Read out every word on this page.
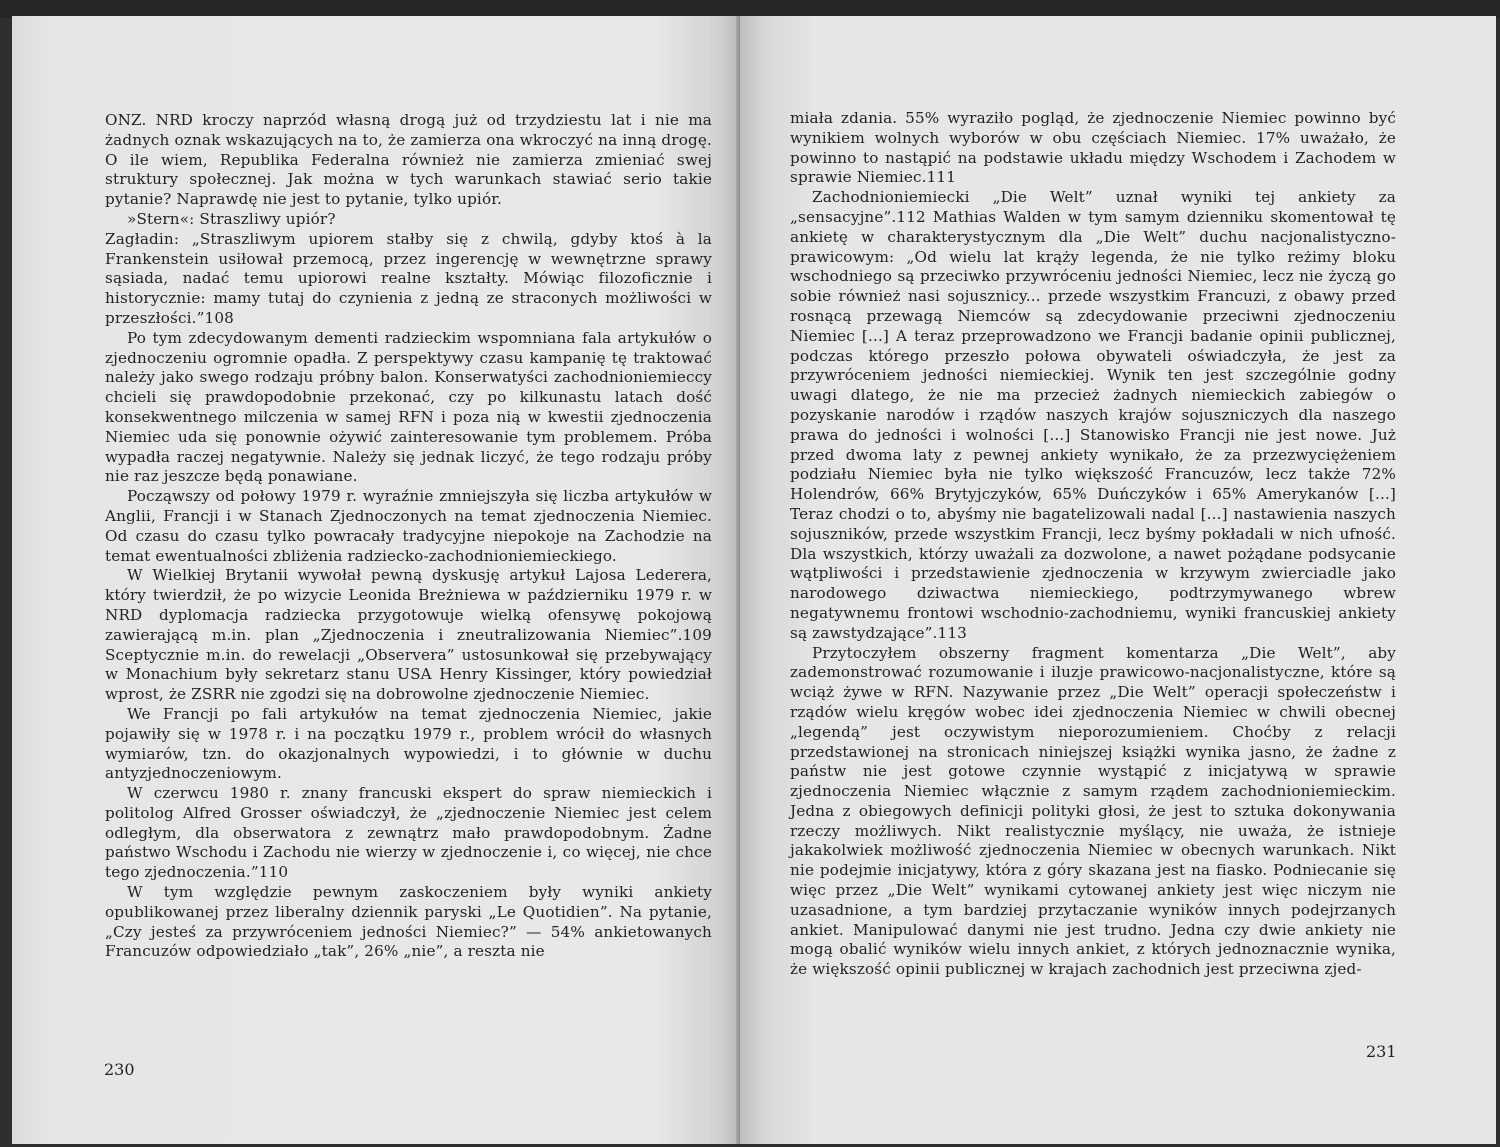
ONZ. NRD kroczy naprzód własną drogą już od trzydziestu lat i nie ma żadnych oznak wskazujących na to, że zamierza ona wkroczyć na inną drogę. O ile wiem, Republika Federalna również nie zamierza zmieniać swej struktury społecznej. Jak można w tych warunkach stawiać serio takie pytanie? Naprawdę nie jest to pytanie, tylko upiór.

»Stern«: Straszliwy upiór?

Zagładin: „Straszliwym upiorem stałby się z chwilą, gdyby ktoś à la Frankenstein usiłował przemocą, przez ingerencję w wewnętrzne sprawy sąsiada, nadać temu upiorowi realne kształty. Mówiąc filozoficznie i historycznie: mamy tutaj do czynienia z jedną ze straconych możliwości w przeszłości.”108

Po tym zdecydowanym dementi radzieckim wspomniana fala artykułów o zjednoczeniu ogromnie opadła. Z perspektywy czasu kampanię tę traktować należy jako swego rodzaju próbny balon. Konserwatyści zachodnioniemieccy chcieli się prawdopodobnie przekonać, czy po kilkunastu latach dość konsekwentnego milczenia w samej RFN i poza nią w kwestii zjednoczenia Niemiec uda się ponownie ożywić zainteresowanie tym problemem. Próba wypadła raczej negatywnie. Należy się jednak liczyć, że tego rodzaju próby nie raz jeszcze będą ponawiane.

Począwszy od połowy 1979 r. wyraźnie zmniejszyła się liczba artykułów w Anglii, Francji i w Stanach Zjednoczonych na temat zjednoczenia Niemiec. Od czasu do czasu tylko powracały tradycyjne niepokoje na Zachodzie na temat ewentualności zbliżenia radziecko-zachodnioniemieckiego.

W Wielkiej Brytanii wywołał pewną dyskusję artykuł Lajosa Lederera, który twierdził, że po wizycie Leonida Breżniewa w październiku 1979 r. w NRD dyplomacja radziecka przygotowuje wielką ofensywę pokojową zawierającą m.in. plan „Zjednoczenia i zneutralizowania Niemiec”.109 Sceptycznie m.in. do rewelacji „Observera” ustosunkował się przebywający w Monachium były sekretarz stanu USA Henry Kissinger, który powiedział wprost, że ZSRR nie zgodzi się na dobrowolne zjednoczenie Niemiec.

We Francji po fali artykułów na temat zjednoczenia Niemiec, jakie pojawiły się w 1978 r. i na początku 1979 r., problem wrócił do własnych wymiarów, tzn. do okazjonalnych wypowiedzi, i to głównie w duchu antyzjednoczeniowym.

W czerwcu 1980 r. znany francuski ekspert do spraw niemieckich i politolog Alfred Grosser oświadczył, że „zjednoczenie Niemiec jest celem odległym, dla obserwatora z zewnątrz mało prawdopodobnym. Żadne państwo Wschodu i Zachodu nie wierzy w zjednoczenie i, co więcej, nie chce tego zjednoczenia.”110

W tym względzie pewnym zaskoczeniem były wyniki ankiety opublikowanej przez liberalny dziennik paryski „Le Quotidien”. Na pytanie, „Czy jesteś za przywróceniem jedności Niemiec?” — 54% ankietowanych Francuzów odpowiedziało „tak”, 26% „nie”, a reszta nie

230

miała zdania. 55% wyraziło pogląd, że zjednoczenie Niemiec powinno być wynikiem wolnych wyborów w obu częściach Niemiec. 17% uważało, że powinno to nastąpić na podstawie układu między Wschodem i Zachodem w sprawie Niemiec.111

Zachodnioniemiecki „Die Welt” uznał wyniki tej ankiety za „sensacyjne”.112 Mathias Walden w tym samym dzienniku skomentował tę ankietę w charakterystycznym dla „Die Welt” duchu nacjonalistyczno-prawicowym: „Od wielu lat krąży legenda, że nie tylko reżimy bloku wschodniego są przeciwko przywróceniu jedności Niemiec, lecz nie życzą go sobie również nasi sojusznicy... przede wszystkim Francuzi, z obawy przed rosnącą przewagą Niemców są zdecydowanie przeciwni zjednoczeniu Niemiec [...] A teraz przeprowadzono we Francji badanie opinii publicznej, podczas którego przeszło połowa obywateli oświadczyła, że jest za przywróceniem jedności niemieckiej. Wynik ten jest szczególnie godny uwagi dlatego, że nie ma przecież żadnych niemieckich zabiegów o pozyskanie narodów i rządów naszych krajów sojuszniczych dla naszego prawa do jedności i wolności [...] Stanowisko Francji nie jest nowe. Już przed dwoma laty z pewnej ankiety wynikało, że za przezwyciężeniem podziału Niemiec była nie tylko większość Francuzów, lecz także 72% Holendrów, 66% Brytyjczyków, 65% Duńczyków i 65% Amerykanów [...] Teraz chodzi o to, abyśmy nie bagatelizowali nadal [...] nastawienia naszych sojuszników, przede wszystkim Francji, lecz byśmy pokładali w nich ufność. Dla wszystkich, którzy uważali za dozwolone, a nawet pożądane podsycanie wątpliwości i przedstawienie zjednoczenia w krzywym zwierciadle jako narodowego dziwactwa niemieckiego, podtrzymywanego wbrew negatywnemu frontowi wschodnio-zachodniemu, wyniki francuskiej ankiety są zawstydzające”.113

Przytoczyłem obszerny fragment komentarza „Die Welt”, aby zademonstrować rozumowanie i iluzje prawicowo-nacjonalistyczne, które są wciąż żywe w RFN. Nazywanie przez „Die Welt” operacji społeczeństw i rządów wielu kręgów wobec idei zjednoczenia Niemiec w chwili obecnej „legendą” jest oczywistym nieporozumieniem. Choćby z relacji przedstawionej na stronicach niniejszej książki wynika jasno, że żadne z państw nie jest gotowe czynnie wystąpić z inicjatywą w sprawie zjednoczenia Niemiec włącznie z samym rządem zachodnioniemieckim. Jedna z obiegowych definicji polityki głosi, że jest to sztuka dokonywania rzeczy możliwych. Nikt realistycznie myślący, nie uważa, że istnieje jakakolwiek możliwość zjednoczenia Niemiec w obecnych warunkach. Nikt nie podejmie inicjatywy, która z góry skazana jest na fiasko. Podniecanie się więc przez „Die Welt” wynikami cytowanej ankiety jest więc niczym nie uzasadnione, a tym bardziej przytaczanie wyników innych podejrzanych ankiet. Manipulować danymi nie jest trudno. Jedna czy dwie ankiety nie mogą obalić wyników wielu innych ankiet, z których jednoznacznie wynika, że większość opinii publicznej w krajach zachodnich jest przeciwna zjed-

231
